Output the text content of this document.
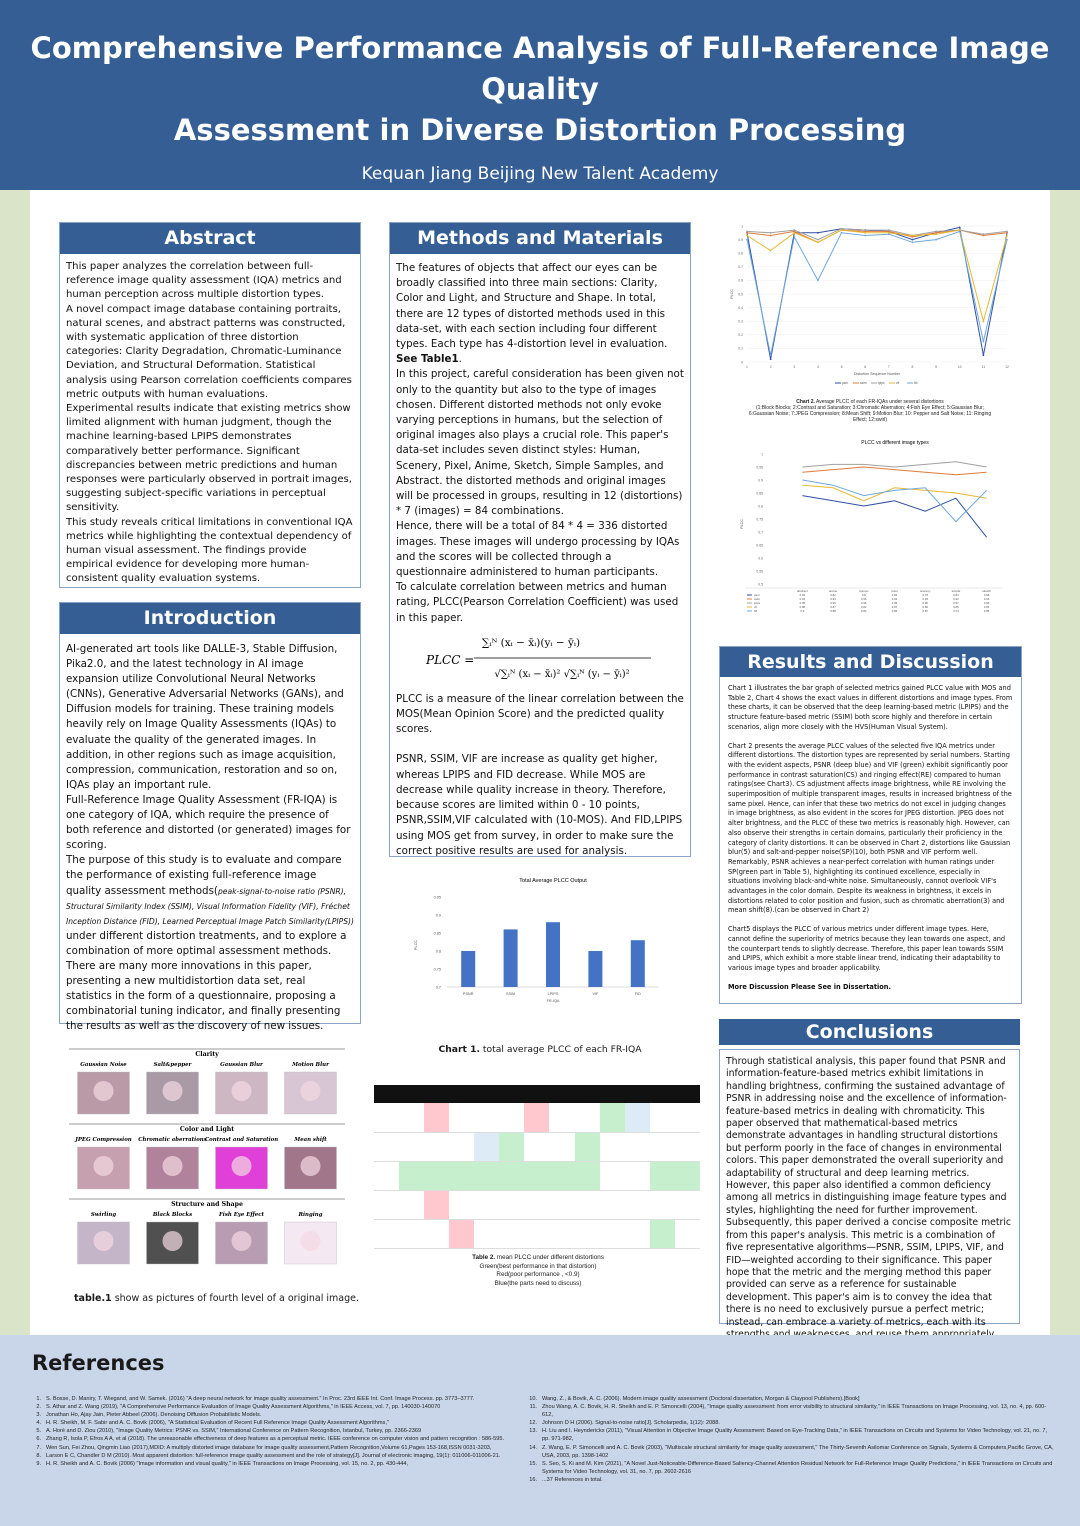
Comprehensive Performance Analysis of Full-Reference Image Quality
Assessment in Diverse Distortion Processing
Kequan Jiang Beijing New Talent Academy
Abstract
This paper analyzes the correlation between full-reference image quality assessment (IQA) metrics and human perception across multiple distortion types.
A novel compact image database containing portraits, natural scenes, and abstract patterns was constructed, with systematic application of three distortion categories: Clarity Degradation, Chromatic-Luminance Deviation, and Structural Deformation. Statistical analysis using Pearson correlation coefficients compares metric outputs with human evaluations.
Experimental results indicate that existing metrics show limited alignment with human judgment, though the machine learning-based LPIPS demonstrates comparatively better performance. Significant discrepancies between metric predictions and human responses were particularly observed in portrait images, suggesting subject-specific variations in perceptual sensitivity.
This study reveals critical limitations in conventional IQA metrics while highlighting the contextual dependency of human visual assessment. The findings provide empirical evidence for developing more human-consistent quality evaluation systems.
Introduction
AI-generated art tools like DALLE-3, Stable Diffusion, Pika2.0, and the latest technology in AI image expansion utilize Convolutional Neural Networks (CNNs), Generative Adversarial Networks (GANs), and Diffusion models for training. These training models heavily rely on Image Quality Assessments (IQAs) to evaluate the quality of the generated images. In addition, in other regions such as image acquisition, compression, communication, restoration and so on, IQAs play an important rule.
Full-Reference Image Quality Assessment (FR-IQA) is one category of IQA, which require the presence of both reference and distorted (or generated) images for scoring.
The purpose of this study is to evaluate and compare the performance of existing full-reference image quality assessment methods(peak-signal-to-noise ratio (PSNR), Structural Similarity Index (SSIM), Visual Information Fidelity (VIF), Fréchet Inception Distance (FID), Learned Perceptual Image Patch Similarity(LPIPS)) under different distortion treatments, and to explore a combination of more optimal assessment methods.
There are many more innovations in this paper, presenting a new multidistortion data set, real statistics in the form of a questionnaire, proposing a combinatorial tuning indicator, and finally presenting the results as well as the discovery of new issues.
Methods and Materials
The features of objects that affect our eyes can be broadly classified into three main sections: Clarity, Color and Light, and Structure and Shape. In total, there are 12 types of distorted methods used in this data-set, with each section including four different types. Each type has 4-distortion level in evaluation.
See Table1.
In this project, careful consideration has been given not only to the quantity but also to the type of images chosen. Different distorted methods not only evoke varying perceptions in humans, but the selection of original images also plays a crucial role. This paper's data-set includes seven distinct styles: Human, Scenery, Pixel, Anime, Sketch, Simple Samples, and Abstract. the distorted methods and original images will be processed in groups, resulting in 12 (distortions) * 7 (images) = 84 combinations.
Hence, there will be a total of 84 * 4 = 336 distorted images. These images will undergo processing by IQAs and the scores will be collected through a questionnaire administered to human participants.
To calculate correlation between metrics and human rating, PLCC(Pearson Correlation Coefficient) was used in this paper.
PLCC =
∑ᵢᴺ (xᵢ − x̄ᵢ)(yᵢ − ȳᵢ)
√∑ᵢᴺ (xᵢ − x̄ᵢ)² √∑ᵢᴺ (yᵢ − ȳᵢ)²
PLCC is a measure of the linear correlation between the MOS(Mean Opinion Score) and the predicted quality scores.
PSNR, SSIM, VIF are increase as quality get higher, whereas LPIPS and FID decrease. While MOS are decrease while quality increase in theory. Therefore, because scores are limited within 0 - 10 points, PSNR,SSIM,VIF calculated with (10-MOS). And FID,LPIPS using MOS get from survey, in order to make sure the correct positive results are used for analysis.
Total Average PLCC Output
0.7
0.75
0.8
0.85
0.9
0.95
PSNR	SSIM	LPIPS	VIF	FID
FR-IQA
PLCC
Chart 1. total average PLCC of each FR-IQA
0
0.1
0.2
0.3
0.4
0.5
0.6
0.7
0.8
0.9
1
1	2	3	4	5	6	7	8	9	10	11	12
Distortion Sequence Number
PLCC
psnr	ssim	lpips	vif	fid
Chart 2. Average PLCC of each FR-IQAs under several distortions
(1:Block Blocks; 2:Contrast and Saturation; 3:Chromatic Aberration; 4:Fish Eye Effect; 5:Gaussian Blur; 6:Gaussian Noise; 7:JPEG Compression; 8:Mean Shift; 9:Motion Blur; 10: Pepper and Salt Noise; 11: Ringing Effect; 12:swirl)
PLCC vs different image types
0.5
0.55
0.6
0.65
0.7
0.75
0.8
0.85
0.9
0.95
1
PLCC
abstract	anime	human	pixel	scenery	simple	sketch
psnr	0.84	0.82	0.8	0.82	0.78	0.83	0.68
ssim	0.93	0.94	0.95	0.94	0.93	0.92	0.93
lpips	0.95	0.96	0.96	0.95	0.96	0.97	0.95
vif	0.88	0.87	0.82	0.87	0.86	0.85	0.83
fid	0.9	0.88	0.84	0.86	0.87	0.74	0.86
Results and Discussion
Chart 1 illustrates the bar graph of selected metrics gained PLCC value with MOS and Table 2, Chart 4 shows the exact values in different distortions and image types. From these charts, it can be observed that the deep learning-based metric (LPIPS) and the structure feature-based metric (SSIM) both score highly and therefore in certain scenarios, align more closely with the HVS(Human Visual System).
Chart 2 presents the average PLCC values of the selected five IQA metrics under different distortions. The distortion types are represented by serial numbers. Starting with the evident aspects, PSNR (deep blue) and VIF (green) exhibit significantly poor performance in contrast saturation(CS) and ringing effect(RE) compared to human ratings(see Chart3). CS adjustment affects image brightness, while RE involving the superimposition of multiple transparent images, results in increased brightness of the same pixel. Hence, can infer that these two metrics do not excel in judging changes in image brightness, as also evident in the scores for JPEG distortion. JPEG does not alter brightness, and the PLCC of these two metrics is reasonably high. However, can also observe their strengths in certain domains, particularly their proficiency in the category of clarity distortions. It can be observed in Chart 2, distortions like Gaussian blur(5) and salt-and-pepper noise(SP)(10), both PSNR and VIF perform well. Remarkably, PSNR achieves a near-perfect correlation with human ratings under SP(green part in Table 5), highlighting its continued excellence, especially in situations involving black-and-white noise. Simultaneously, cannot overlook VIF's advantages in the color domain. Despite its weakness in brightness, it excels in distortions related to color position and fusion, such as chromatic aberration(3) and mean shift(8).(can be observed in Chart 2)
Chart5 displays the PLCC of various metrics under different image types. Here, cannot define the superiority of metrics because they lean towards one aspect, and the counterpart tends to slightly decrease. Therefore, this paper lean towards SSIM and LPIPS, which exhibit a more stable linear trend, indicating their adaptability to various image types and broader applicability.
More Discussion Please See in Dissertation.
Conclusions
Through statistical analysis, this paper found that PSNR and information-feature-based metrics exhibit limitations in handling brightness, confirming the sustained advantage of PSNR in addressing noise and the excellence of information-feature-based metrics in dealing with chromaticity. This paper observed that mathematical-based metrics demonstrate advantages in handling structural distortions but perform poorly in the face of changes in environmental colors. This paper demonstrated the overall superiority and adaptability of structural and deep learning metrics. However, this paper also identified a common deficiency among all metrics in distinguishing image feature types and styles, highlighting the need for further improvement.
Subsequently, this paper derived a concise composite metric from this paper's analysis. This metric is a combination of five representative algorithms—PSNR, SSIM, LPIPS, VIF, and FID—weighted according to their significance. This paper hope that the metric and the merging method this paper provided can serve as a reference for sustainable development. This paper's aim is to convey the idea that there is no need to exclusively pursue a perfect metric; instead, can embrace a variety of metrics, each with its
Clarity
Gaussian Noise	Salt&pepper	Gaussian Blur	Motion Blur
Color and Light
JPEG Compression Chromatic aberrations
Contrast and Saturation	Mean shift
Structure and Shape
Swirling	Black Blocks	Fish Eye Effect	Ringing
table.1 show as pictures of fourth level of a original image.

Table 2. mean PLCC under different distortions
Green(best performance in that distortion)
Red(poor performance , <0.9)
Blue(the parts need to discuss)
References
1. S. Bosse, D. Maniry, T. Wiegand, and W. Samek. (2016) "A deep neural network for image quality assessment." In Proc. 23rd IEEE Int. Conf. Image Process. pp. 3773–3777.
2. S. Athar and Z. Wang (2019), "A Comprehensive Performance Evaluation of Image Quality Assessment Algorithms," in IEEE Access, vol. 7, pp. 140030-140070
3. Jonathan Ho, Ajay Jain, Pieter Abbeel (2006). Denoising Diffusion Probabilistic Models.
4. H. R. Sheikh, M. F. Sabir and A. C. Bovik (2006), "A Statistical Evaluation of Recent Full Reference Image Quality Assessment Algorithms,"
5. A. Horé and D. Ziou (2010), "Image Quality Metrics: PSNR vs. SSIM," International Conference on Pattern Recognition, Istanbul, Turkey, pp. 2366-2369
6. Zhang R, Isola P, Efros A A, et al (2018). The unreasonable effectiveness of deep features as a perceptual metric. IEEE conference on computer vision and pattern recognition : 586-595.
7. Wen Sun, Fei Zhou, Qingmin Liao (2017),MDID: A multiply distorted image database for image quality assessment,Pattern Recognition,Volume 61,Pages 153-168,ISSN 0031-3203,
8. Larson E C, Chandler D M (2010). Most apparent distortion: full-reference image quality assessment and the role of strategy[J]. Journal of electronic imaging, 19(1): 011006-011006-21.
9. H. R. Sheikh and A. C. Bovik (2006) "Image information and visual quality," in IEEE Transactions on Image Processing, vol. 15, no. 2, pp. 430-444,
10. Wang, Z., & Bovik, A. C. (2006). Modern image quality assessment (Doctoral dissertation, Morgan & Claypool Publishers).[Book]
11. Zhou Wang, A. C. Bovik, H. R. Sheikh and E. P. Simoncelli (2004), "Image quality assessment: from error visibility to structural similarity," in IEEE Transactions on Image Processing, vol. 13, no. 4, pp. 600-612,
12. Johnson D H (2006). Signal-to-noise ratio[J]. Scholarpedia, 1(12): 2088.
13. H. Liu and I. Heynderickx (2011), "Visual Attention in Objective Image Quality Assessment: Based on Eye-Tracking Data," in IEEE Transactions on Circuits and Systems for Video Technology, vol. 21, no. 7, pp. 971-982,
14. Z. Wang, E. P. Simoncelli and A. C. Bovik (2003), "Multiscale structural similarity for image quality assessment," The Thirty-Seventh Asilomar Conference on Signals, Systems & Computers,Pacific Grove, CA, USA, 2003, pp. 1398-1402
15. S. Seo, S. Ki and M. Kim (2021), "A Novel Just-Noticeable-Difference-Based Saliency-Channel Attention Residual Network for Full-Reference Image Quality Predictions," in IEEE Transactions on Circuits and Systems for Video Technology, vol. 31, no. 7, pp. 2602-2616
16. ...37 References in total.
